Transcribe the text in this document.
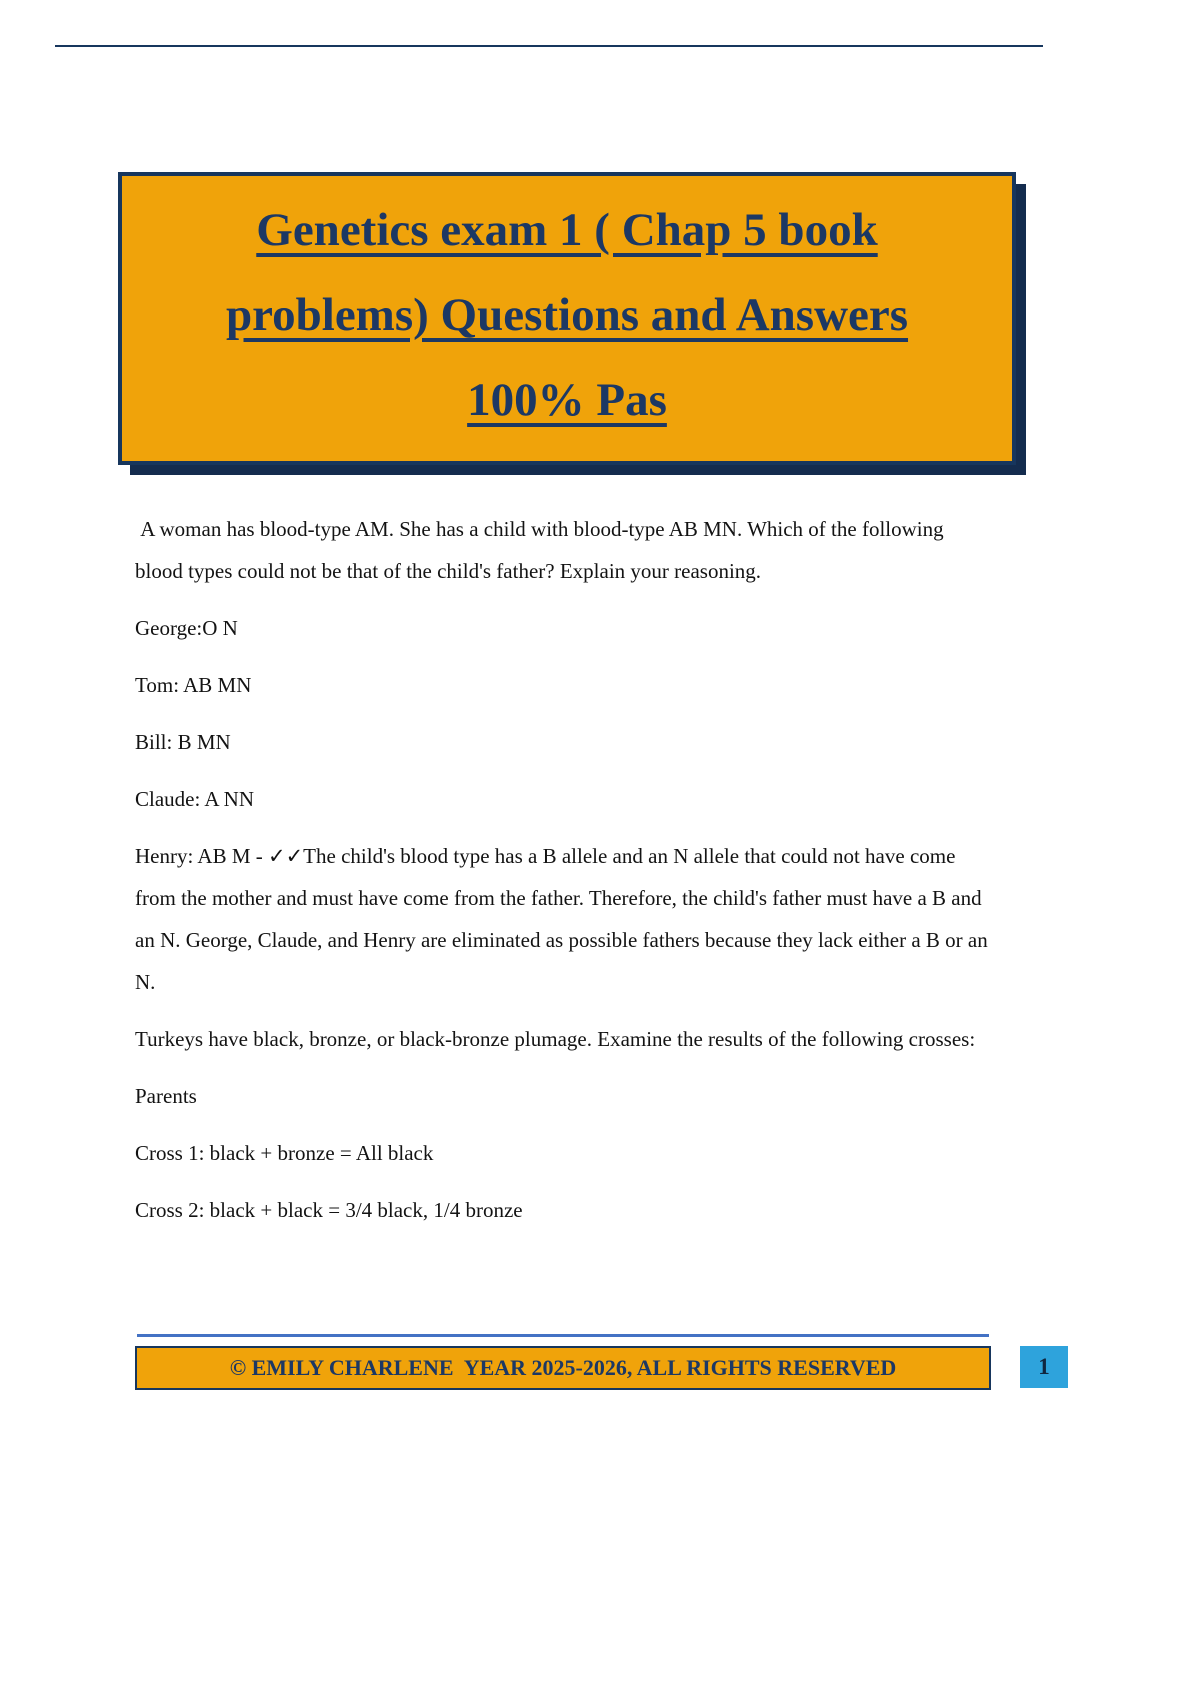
Genetics exam 1 ( Chap 5 book
problems) Questions and Answers
100% Pas

A woman has blood-type AM. She has a child with blood-type AB MN. Which of the following blood types could not be that of the child's father? Explain your reasoning.

George:O N

Tom: AB MN

Bill: B MN

Claude: A NN

Henry: AB M - ✓✓The child's blood type has a B allele and an N allele that could not have come from the mother and must have come from the father. Therefore, the child's father must have a B and an N. George, Claude, and Henry are eliminated as possible fathers because they lack either a B or an N.

Turkeys have black, bronze, or black-bronze plumage. Examine the results of the following crosses:

Parents

Cross 1: black + bronze = All black

Cross 2: black + black = 3/4 black, 1/4 bronze

© EMILY CHARLENE  YEAR 2025-2026, ALL RIGHTS RESERVED	1
